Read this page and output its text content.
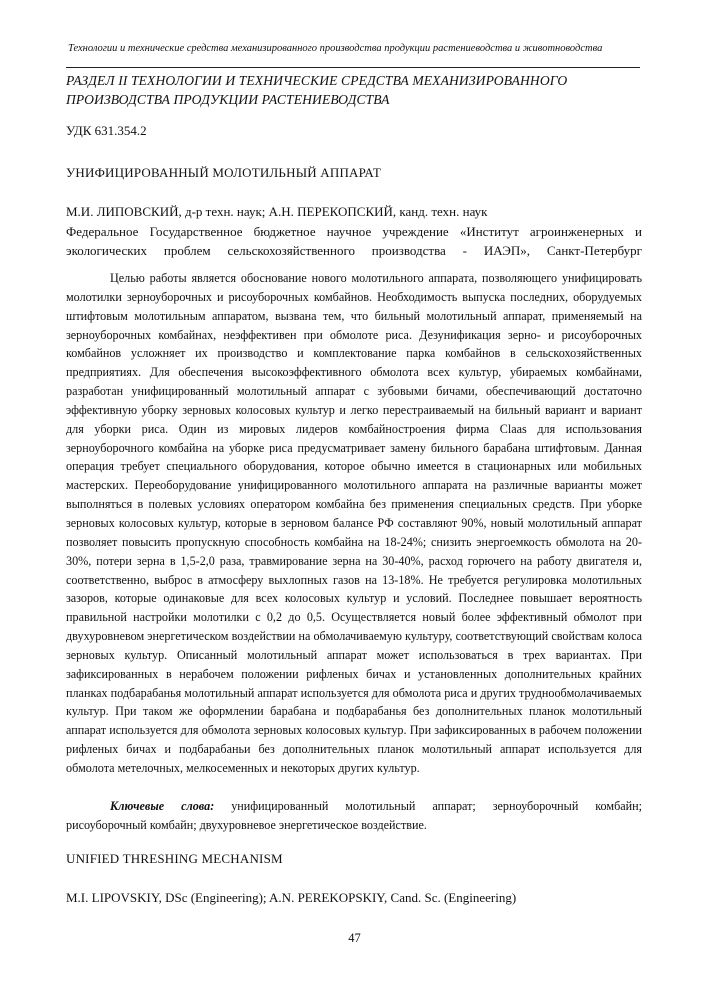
Технологии и технические средства механизированного производства продукции растениеводства и животноводства
РАЗДЕЛ II ТЕХНОЛОГИИ И ТЕХНИЧЕСКИЕ СРЕДСТВА МЕХАНИЗИРОВАННОГО ПРОИЗВОДСТВА ПРОДУКЦИИ РАСТЕНИЕВОДСТВА
УДК 631.354.2
УНИФИЦИРОВАННЫЙ МОЛОТИЛЬНЫЙ АППАРАТ
М.И. ЛИПОВСКИЙ, д-р техн. наук; А.Н. ПЕРЕКОПСКИЙ, канд. техн. наук
Федеральное Государственное бюджетное научное учреждение «Институт агроинженерных и экологических проблем сельскохозяйственного производства - ИАЭП», Санкт-Петербург

Целью работы является обоснование нового молотильного аппарата, позволяющего унифицировать молотилки зерноуборочных и рисоуборочных комбайнов. Необходимость выпуска последних, оборудуемых штифтовым молотильным аппаратом, вызвана тем, что бильный молотильный аппарат, применяемый на зерноуборочных комбайнах, неэффективен при обмолоте риса. Дезунификация зерно- и рисоуборочных комбайнов усложняет их производство и комплектование парка комбайнов в сельскохозяйственных предприятиях. Для обеспечения высокоэффективного обмолота всех культур, убираемых комбайнами, разработан унифицированный молотильный аппарат с зубовыми бичами, обеспечивающий достаточно эффективную уборку зерновых колосовых культур и легко перестраиваемый на бильный вариант и вариант для уборки риса. Один из мировых лидеров комбайностроения фирма Claas для использования зерноуборочного комбайна на уборке риса предусматривает замену бильного барабана штифтовым. Данная операция требует специального оборудования, которое обычно имеется в стационарных или мобильных мастерских. Переоборудование унифицированного молотильного аппарата на различные варианты может выполняться в полевых условиях оператором комбайна без применения специальных средств. При уборке зерновых колосовых культур, которые в зерновом балансе РФ составляют 90%, новый молотильный аппарат позволяет повысить пропускную способность комбайна на 18-24%; снизить энергоемкость обмолота на 20-30%, потери зерна в 1,5-2,0 раза, травмирование зерна на 30-40%, расход горючего на работу двигателя и, соответственно, выброс в атмосферу выхлопных газов на 13-18%. Не требуется регулировка молотильных зазоров, которые одинаковые для всех колосовых культур и условий. Последнее повышает вероятность правильной настройки молотилки с 0,2 до 0,5. Осуществляется новый более эффективный обмолот при двухуровневом энергетическом воздействии на обмолачиваемую культуру, соответствующий свойствам колоса зерновых культур. Описанный молотильный аппарат может использоваться в трех вариантах. При зафиксированных в нерабочем положении рифленых бичах и установленных дополнительных крайних планках подбарабанья молотильный аппарат используется для обмолота риса и других труднообмолачиваемых культур. При таком же оформлении барабана и подбарабанья без дополнительных планок молотильный аппарат используется для обмолота зерновых колосовых культур. При зафиксированных в рабочем положении рифленых бичах и подбарабаньи без дополнительных планок молотильный аппарат используется для обмолота метелочных, мелкосеменных и некоторых других культур.

Ключевые слова: унифицированный молотильный аппарат; зерноуборочный комбайн; рисоуборочный комбайн; двухуровневое энергетическое воздействие.

UNIFIED THRESHING MECHANISM
M.I. LIPOVSKIY, DSc (Engineering); A.N. PEREKOPSKIY, Cand. Sc. (Engineering)
47
